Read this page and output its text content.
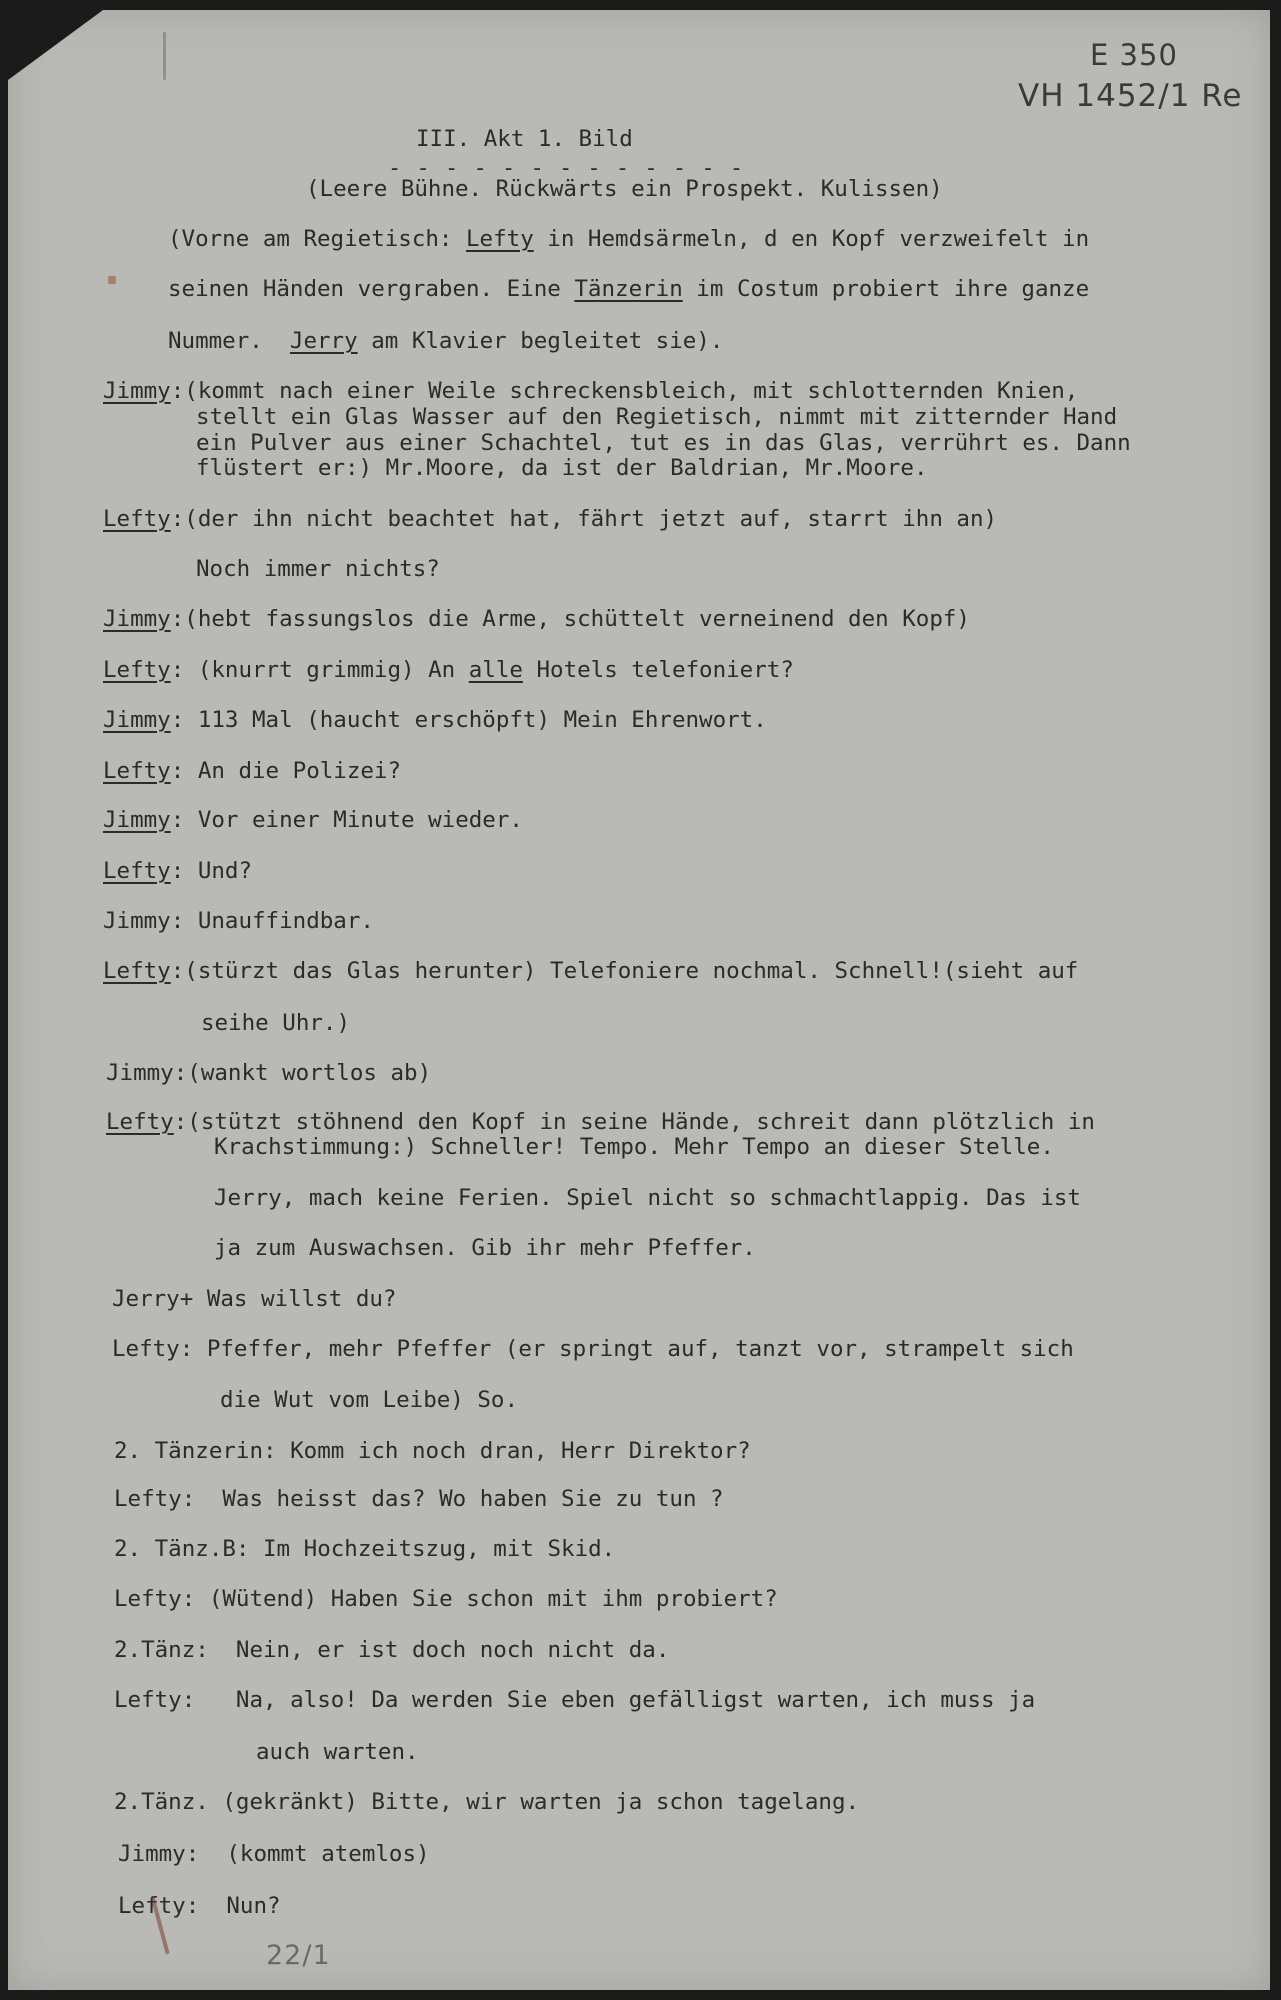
E 350
VH 1452/1 Re
III. Akt 1. Bild
- - - - - - - - - - - - -
(Leere Bühne. Rückwärts ein Prospekt. Kulissen)
(Vorne am Regietisch: Lefty in Hemdsärmeln, d en Kopf verzweifelt in
seinen Händen vergraben. Eine Tänzerin im Costum probiert ihre ganze
Nummer.  Jerry am Klavier begleitet sie).
Jimmy:(kommt nach einer Weile schreckensbleich, mit schlotternden Knien,
stellt ein Glas Wasser auf den Regietisch, nimmt mit zitternder Hand
ein Pulver aus einer Schachtel, tut es in das Glas, verrührt es. Dann
flüstert er:) Mr.Moore, da ist der Baldrian, Mr.Moore.
Lefty:(der ihn nicht beachtet hat, fährt jetzt auf, starrt ihn an)
Noch immer nichts?
Jimmy:(hebt fassungslos die Arme, schüttelt verneinend den Kopf)
Lefty: (knurrt grimmig) An alle Hotels telefoniert?
Jimmy: 113 Mal (haucht erschöpft) Mein Ehrenwort.
Lefty: An die Polizei?
Jimmy: Vor einer Minute wieder.
Lefty: Und?
Jimmy: Unauffindbar.
Lefty:(stürzt das Glas herunter) Telefoniere nochmal. Schnell!(sieht auf
seihe Uhr.)
Jimmy:(wankt wortlos ab)
Lefty:(stützt stöhnend den Kopf in seine Hände, schreit dann plötzlich in
Krachstimmung:) Schneller! Tempo. Mehr Tempo an dieser Stelle.
Jerry, mach keine Ferien. Spiel nicht so schmachtlappig. Das ist
ja zum Auswachsen. Gib ihr mehr Pfeffer.
Jerry+ Was willst du?
Lefty: Pfeffer, mehr Pfeffer (er springt auf, tanzt vor, strampelt sich
die Wut vom Leibe) So.
2. Tänzerin: Komm ich noch dran, Herr Direktor?
Lefty:  Was heisst das? Wo haben Sie zu tun ?
2. Tänz.B: Im Hochzeitszug, mit Skid.
Lefty: (Wütend) Haben Sie schon mit ihm probiert?
2.Tänz:  Nein, er ist doch noch nicht da.
Lefty:   Na, also! Da werden Sie eben gefälligst warten, ich muss ja
auch warten.
2.Tänz. (gekränkt) Bitte, wir warten ja schon tagelang.
Jimmy:  (kommt atemlos)
Lefty:  Nun?
22/1
